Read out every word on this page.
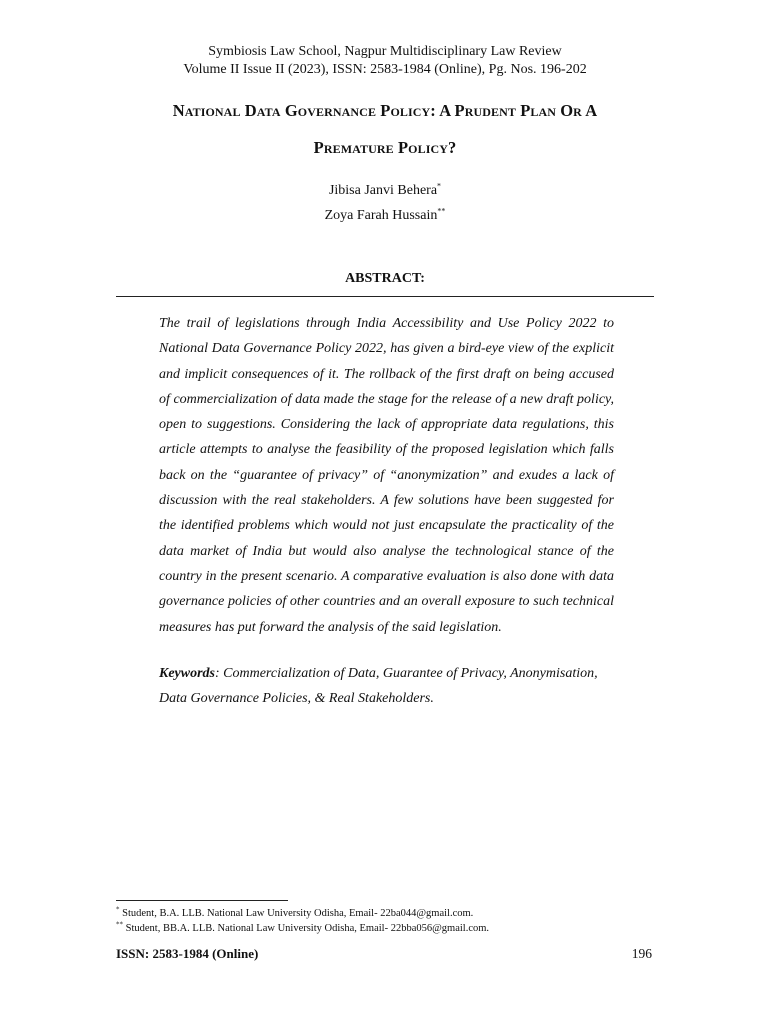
Symbiosis Law School, Nagpur Multidisciplinary Law Review
Volume II Issue II (2023), ISSN: 2583-1984 (Online), Pg. Nos. 196-202
National Data Governance Policy: A Prudent Plan Or A
Premature Policy?
Jibisa Janvi Behera*
Zoya Farah Hussain**
ABSTRACT:

The trail of legislations through India Accessibility and Use Policy 2022 to National Data Governance Policy 2022, has given a bird-eye view of the explicit and implicit consequences of it. The rollback of the first draft on being accused of commercialization of data made the stage for the release of a new draft policy, open to suggestions. Considering the lack of appropriate data regulations, this article attempts to analyse the feasibility of the proposed legislation which falls back on the “guarantee of privacy” of “anonymization” and exudes a lack of discussion with the real stakeholders. A few solutions have been suggested for the identified problems which would not just encapsulate the practicality of the data market of India but would also analyse the technological stance of the country in the present scenario. A comparative evaluation is also done with data governance policies of other countries and an overall exposure to such technical measures has put forward the analysis of the said legislation.

Keywords: Commercialization of Data, Guarantee of Privacy, Anonymisation, Data Governance Policies, & Real Stakeholders.

* Student, B.A. LLB. National Law University Odisha, Email- 22ba044@gmail.com.
** Student, BB.A. LLB. National Law University Odisha, Email- 22bba056@gmail.com.
ISSN: 2583-1984 (Online)	196
